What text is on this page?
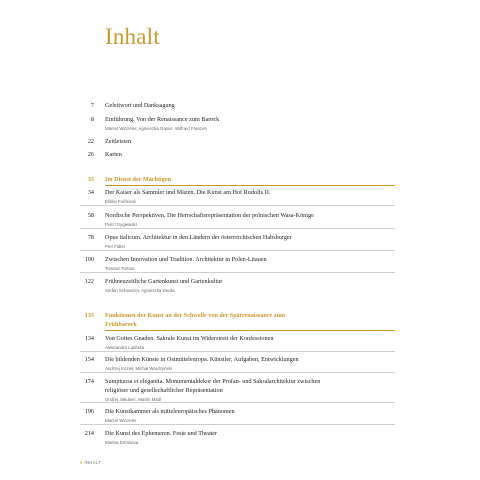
Inhalt
7 Geleitwort und Danksagung
8 Einführung. Von der Renaissance zum Barock
Marius Winzeler, Agnieszka Gąsior, Wilfried Franzen
22 Zeitleisten
26 Karten
33 Im Dienst der Mächtigen
34 Der Kaiser als Sammler und Mäzen. Die Kunst am Hof Rudolfs II.
Eliška Fučíková
58 Nordische Perspektiven. Die Herrschaftsrepräsentation der polnischen Wasa-Könige
Piotr Grygiewski
78 Opus italicum. Architektur in den Ländern der österreichischen Habsburger
Petr Fidler
100 Zwischen Innovation und Tradition. Architektur in Polen-Litauen
Tomasz Torbus
122 Frühneuzeitliche Gartenkunst und Gartenkultur
Stefan Schweizer, Agnieszka Derda
133 Funktionen der Kunst an der Schwelle von der Spätrenaissance zum
Frühbarock
134 Von Gottes Gnaden. Sakrale Kunst im Widerstreit der Konfessionen
Aleksandra Lipińska
154 Die bildenden Künste in Ostmitteleuropa. Künstler, Aufgaben, Entwicklungen
Andrzej Kozieł, Michał Wardzyński
174 Sumptuosa et elegantia. Monumentaldekor der Profan- und Sakralarchitektur zwischen
religiöser und gesellschaftlicher Repräsentation
Ondřej Jakubec, Martin Mádl
196 Die Kunstkammer als mitteleuropäisches Phänomen
Marius Winzeler
214 Die Kunst des Ephemeren. Feste und Theater
Marina Dmitrieva
6 INHALT
